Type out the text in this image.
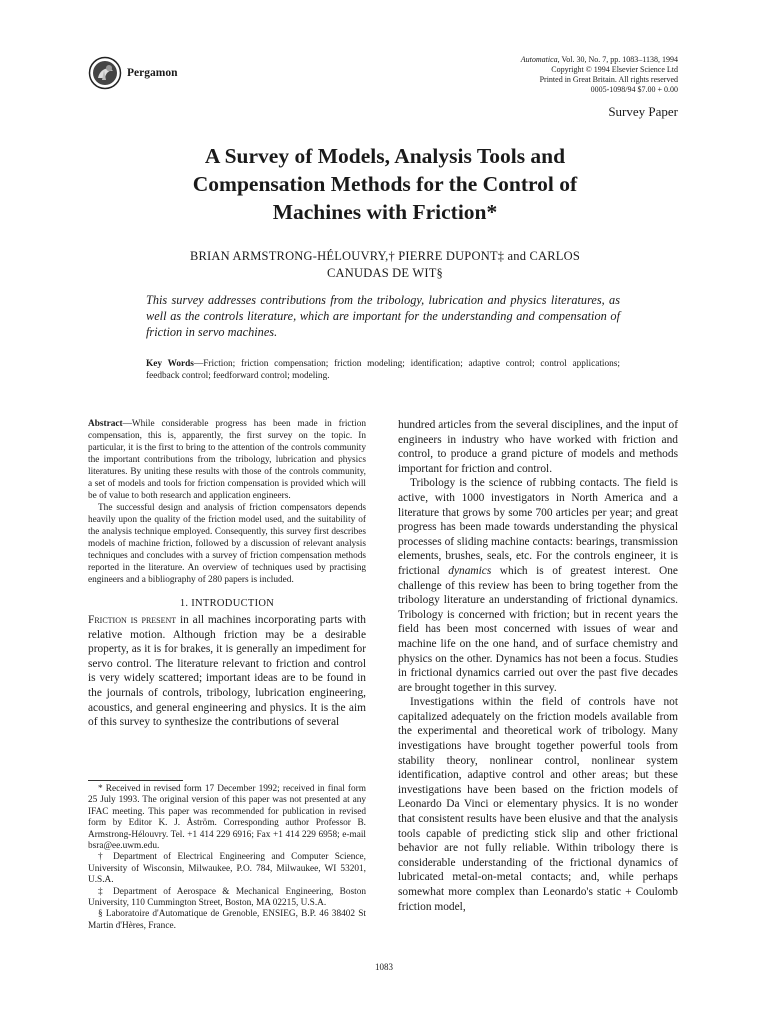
Pergamon
Automatica, Vol. 30, No. 7, pp. 1083–1138, 1994
Copyright © 1994 Elsevier Science Ltd
Printed in Great Britain. All rights reserved
0005-1098/94 $7.00 + 0.00
Survey Paper
A Survey of Models, Analysis Tools and
Compensation Methods for the Control of
Machines with Friction*
BRIAN ARMSTRONG-HÉLOUVRY,† PIERRE DUPONT‡ and CARLOS
CANUDAS DE WIT§
This survey addresses contributions from the tribology, lubrication and physics literatures, as well as the controls literature, which are important for the understanding and compensation of friction in servo machines.
Key Words—Friction; friction compensation; friction modeling; identification; adaptive control; control applications; feedback control; feedforward control; modeling.

Abstract—While considerable progress has been made in friction compensation, this is, apparently, the first survey on the topic. In particular, it is the first to bring to the attention of the controls community the important contributions from the tribology, lubrication and physics literatures. By uniting these results with those of the controls community, a set of models and tools for friction compensation is provided which will be of value to both research and application engineers.

The successful design and analysis of friction compensators depends heavily upon the quality of the friction model used, and the suitability of the analysis technique employed. Consequently, this survey first describes models of machine friction, followed by a discussion of relevant analysis techniques and concludes with a survey of friction compensation methods reported in the literature. An overview of techniques used by practising engineers and a bibliography of 280 papers is included.

1. INTRODUCTION

Friction is present in all machines incorporating parts with relative motion. Although friction may be a desirable property, as it is for brakes, it is generally an impediment for servo control. The literature relevant to friction and control is very widely scattered; important ideas are to be found in the journals of controls, tribology, lubrication engineering, acoustics, and general engineering and physics. It is the aim of this survey to synthesize the contributions of several

* Received in revised form 17 December 1992; received in final form 25 July 1993. The original version of this paper was not presented at any IFAC meeting. This paper was recommended for publication in revised form by Editor K. J. Åström. Corresponding author Professor B. Armstrong-Hélouvry. Tel. +1 414 229 6916; Fax +1 414 229 6958; e-mail bsra@ee.uwm.edu.

† Department of Electrical Engineering and Computer Science, University of Wisconsin, Milwaukee, P.O. 784, Milwaukee, WI 53201, U.S.A.

‡ Department of Aerospace & Mechanical Engineering, Boston University, 110 Cummington Street, Boston, MA 02215, U.S.A.

§ Laboratoire d'Automatique de Grenoble, ENSIEG, B.P. 46 38402 St Martin d'Hères, France.

hundred articles from the several disciplines, and the input of engineers in industry who have worked with friction and control, to produce a grand picture of models and methods important for friction and control.

Tribology is the science of rubbing contacts. The field is active, with 1000 investigators in North America and a literature that grows by some 700 articles per year; and great progress has been made towards understanding the physical processes of sliding machine contacts: bearings, transmission elements, brushes, seals, etc. For the controls engineer, it is frictional dynamics which is of greatest interest. One challenge of this review has been to bring together from the tribology literature an understanding of frictional dynamics. Tribology is concerned with friction; but in recent years the field has been most concerned with issues of wear and machine life on the one hand, and of surface chemistry and physics on the other. Dynamics has not been a focus. Studies in frictional dynamics carried out over the past five decades are brought together in this survey.

Investigations within the field of controls have not capitalized adequately on the friction models available from the experimental and theoretical work of tribology. Many investigations have brought together powerful tools from stability theory, nonlinear control, nonlinear system identification, adaptive control and other areas; but these investigations have been based on the friction models of Leonardo Da Vinci or elementary physics. It is no wonder that consistent results have been elusive and that the analysis tools capable of predicting stick slip and other frictional behavior are not fully reliable. Within tribology there is considerable understanding of the frictional dynamics of lubricated metal-on-metal contacts; and, while perhaps somewhat more complex than Leonardo's static + Coulomb friction model,

1083
